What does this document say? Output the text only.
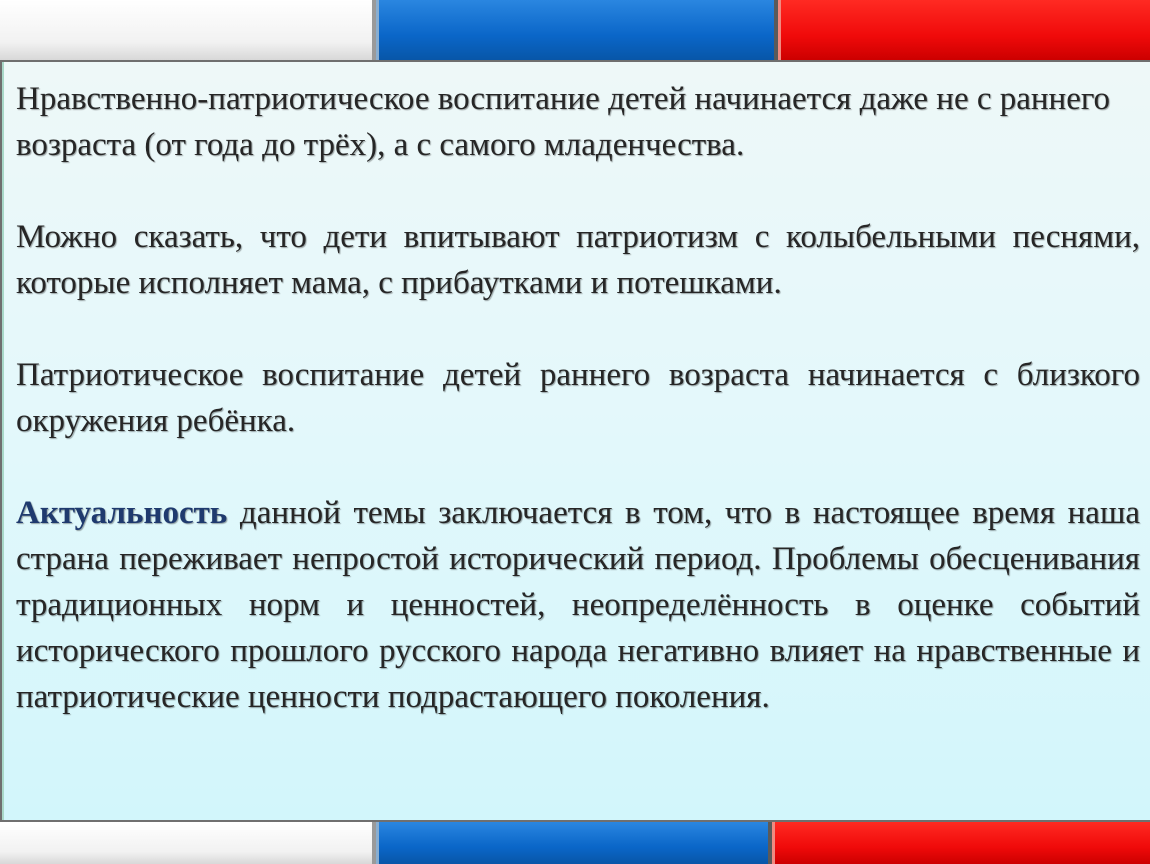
Нравственно-патриотическое воспитание детей начинается даже не с раннего возраста (от года до трёх), а с самого младенчества.

Можно сказать, что дети впитывают патриотизм с колыбельными песнями, которые исполняет мама, с прибаутками и потешками.

Патриотическое воспитание детей раннего возраста начинается с близкого окружения ребёнка.

Актуальность данной темы заключается в том, что в настоящее время наша страна переживает непростой исторический период. Проблемы обесценивания традиционных норм и ценностей, неопределённость в оценке событий исторического прошлого русского народа негативно влияет на нравственные и патриотические ценности подрастающего поколения.
